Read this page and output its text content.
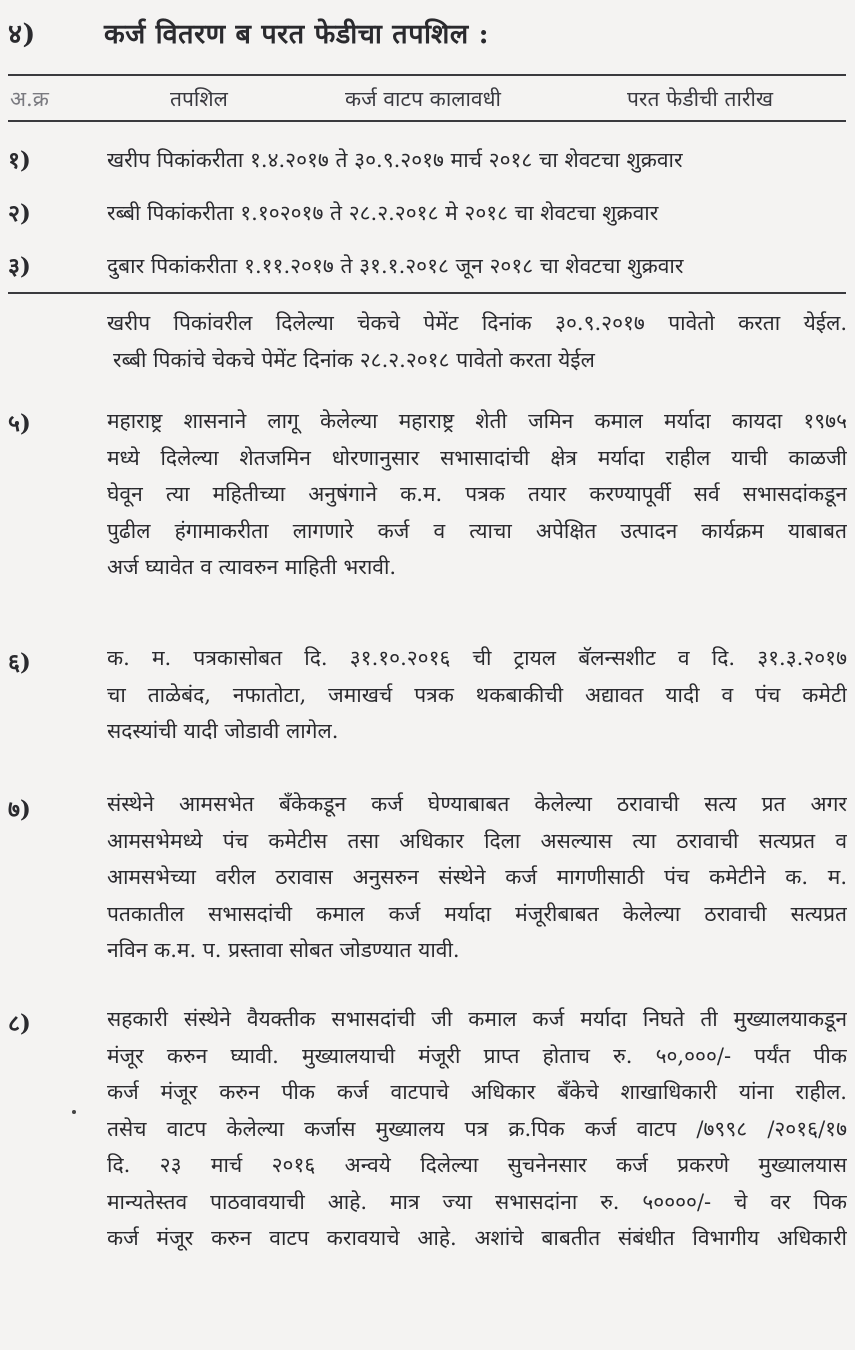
४)	कर्ज वितरण ब परत फेडीचा तपशिल :
अ.क्र	तपशिल	कर्ज वाटप कालावधी	परत फेडीची तारीख
१)	खरीप पिकांकरीता १.४.२०१७ ते ३०.९.२०१७ मार्च २०१८ चा शेवटचा शुक्रवार
२)	रब्बी पिकांकरीता १.१०२०१७ ते २८.२.२०१८ मे २०१८ चा शेवटचा शुक्रवार
३)	दुबार पिकांकरीता १.११.२०१७ ते ३१.१.२०१८ जून २०१८ चा शेवटचा शुक्रवार
खरीप पिकांवरील दिलेल्या चेकचे पेमेंट दिनांक ३०.९.२०१७ पावेतो करता येईल.
रब्बी पिकांचे चेकचे पेमेंट दिनांक २८.२.२०१८ पावेतो करता येईल
५)	महाराष्ट्र शासनाने लागू केलेल्या महाराष्ट्र शेती जमिन कमाल मर्यादा कायदा १९७५
मध्ये दिलेल्या शेतजमिन धोरणानुसार सभासादांची क्षेत्र मर्यादा राहील याची काळजी
घेवून त्या महितीच्या अनुषंगाने क.म. पत्रक तयार करण्यापूर्वी सर्व सभासदांकडून
पुढील हंगामाकरीता लागणारे कर्ज व त्याचा अपेक्षित उत्पादन कार्यक्रम याबाबत
अर्ज घ्यावेत व त्यावरुन माहिती भरावी.
६)	क. म. पत्रकासोबत दि. ३१.१०.२०१६ ची ट्रायल बॅलन्सशीट व दि. ३१.३.२०१७
चा ताळेबंद, नफातोटा, जमाखर्च पत्रक थकबाकीची अद्यावत यादी व पंच कमेटी
सदस्यांची यादी जोडावी लागेल.
७)	संस्थेने आमसभेत बँकेकडून कर्ज घेण्याबाबत केलेल्या ठरावाची सत्य प्रत अगर
आमसभेमध्ये पंच कमेटीस तसा अधिकार दिला असल्यास त्या ठरावाची सत्यप्रत व
आमसभेच्या वरील ठरावास अनुसरुन संस्थेने कर्ज मागणीसाठी पंच कमेटीने क. म.
पतकातील सभासदांची कमाल कर्ज मर्यादा मंजूरीबाबत केलेल्या ठरावाची सत्यप्रत
नविन क.म. प. प्रस्तावा सोबत जोडण्यात यावी.
८)	सहकारी संस्थेने वैयक्तीक सभासदांची जी कमाल कर्ज मर्यादा निघते ती मुख्यालयाकडून
मंजूर करुन घ्यावी. मुख्यालयाची मंजूरी प्राप्त होताच रु. ५०,०००/- पर्यंत पीक
कर्ज मंजूर करुन पीक कर्ज वाटपाचे अधिकार बँकेचे शाखाधिकारी यांना राहील.
तसेच वाटप केलेल्या कर्जास मुख्यालय पत्र क्र.पिक कर्ज वाटप /७९९८ /२०१६/१७
दि. २३ मार्च २०१६ अन्वये दिलेल्या सुचनेनसार कर्ज प्रकरणे मुख्यालयास
मान्यतेस्तव पाठवावयाची आहे. मात्र ज्या सभासदांना रु. ५००००/- चे वर पिक
कर्ज मंजूर करुन वाटप करावयाचे आहे. अशांचे बाबतीत संबंधीत विभागीय अधिकारी
